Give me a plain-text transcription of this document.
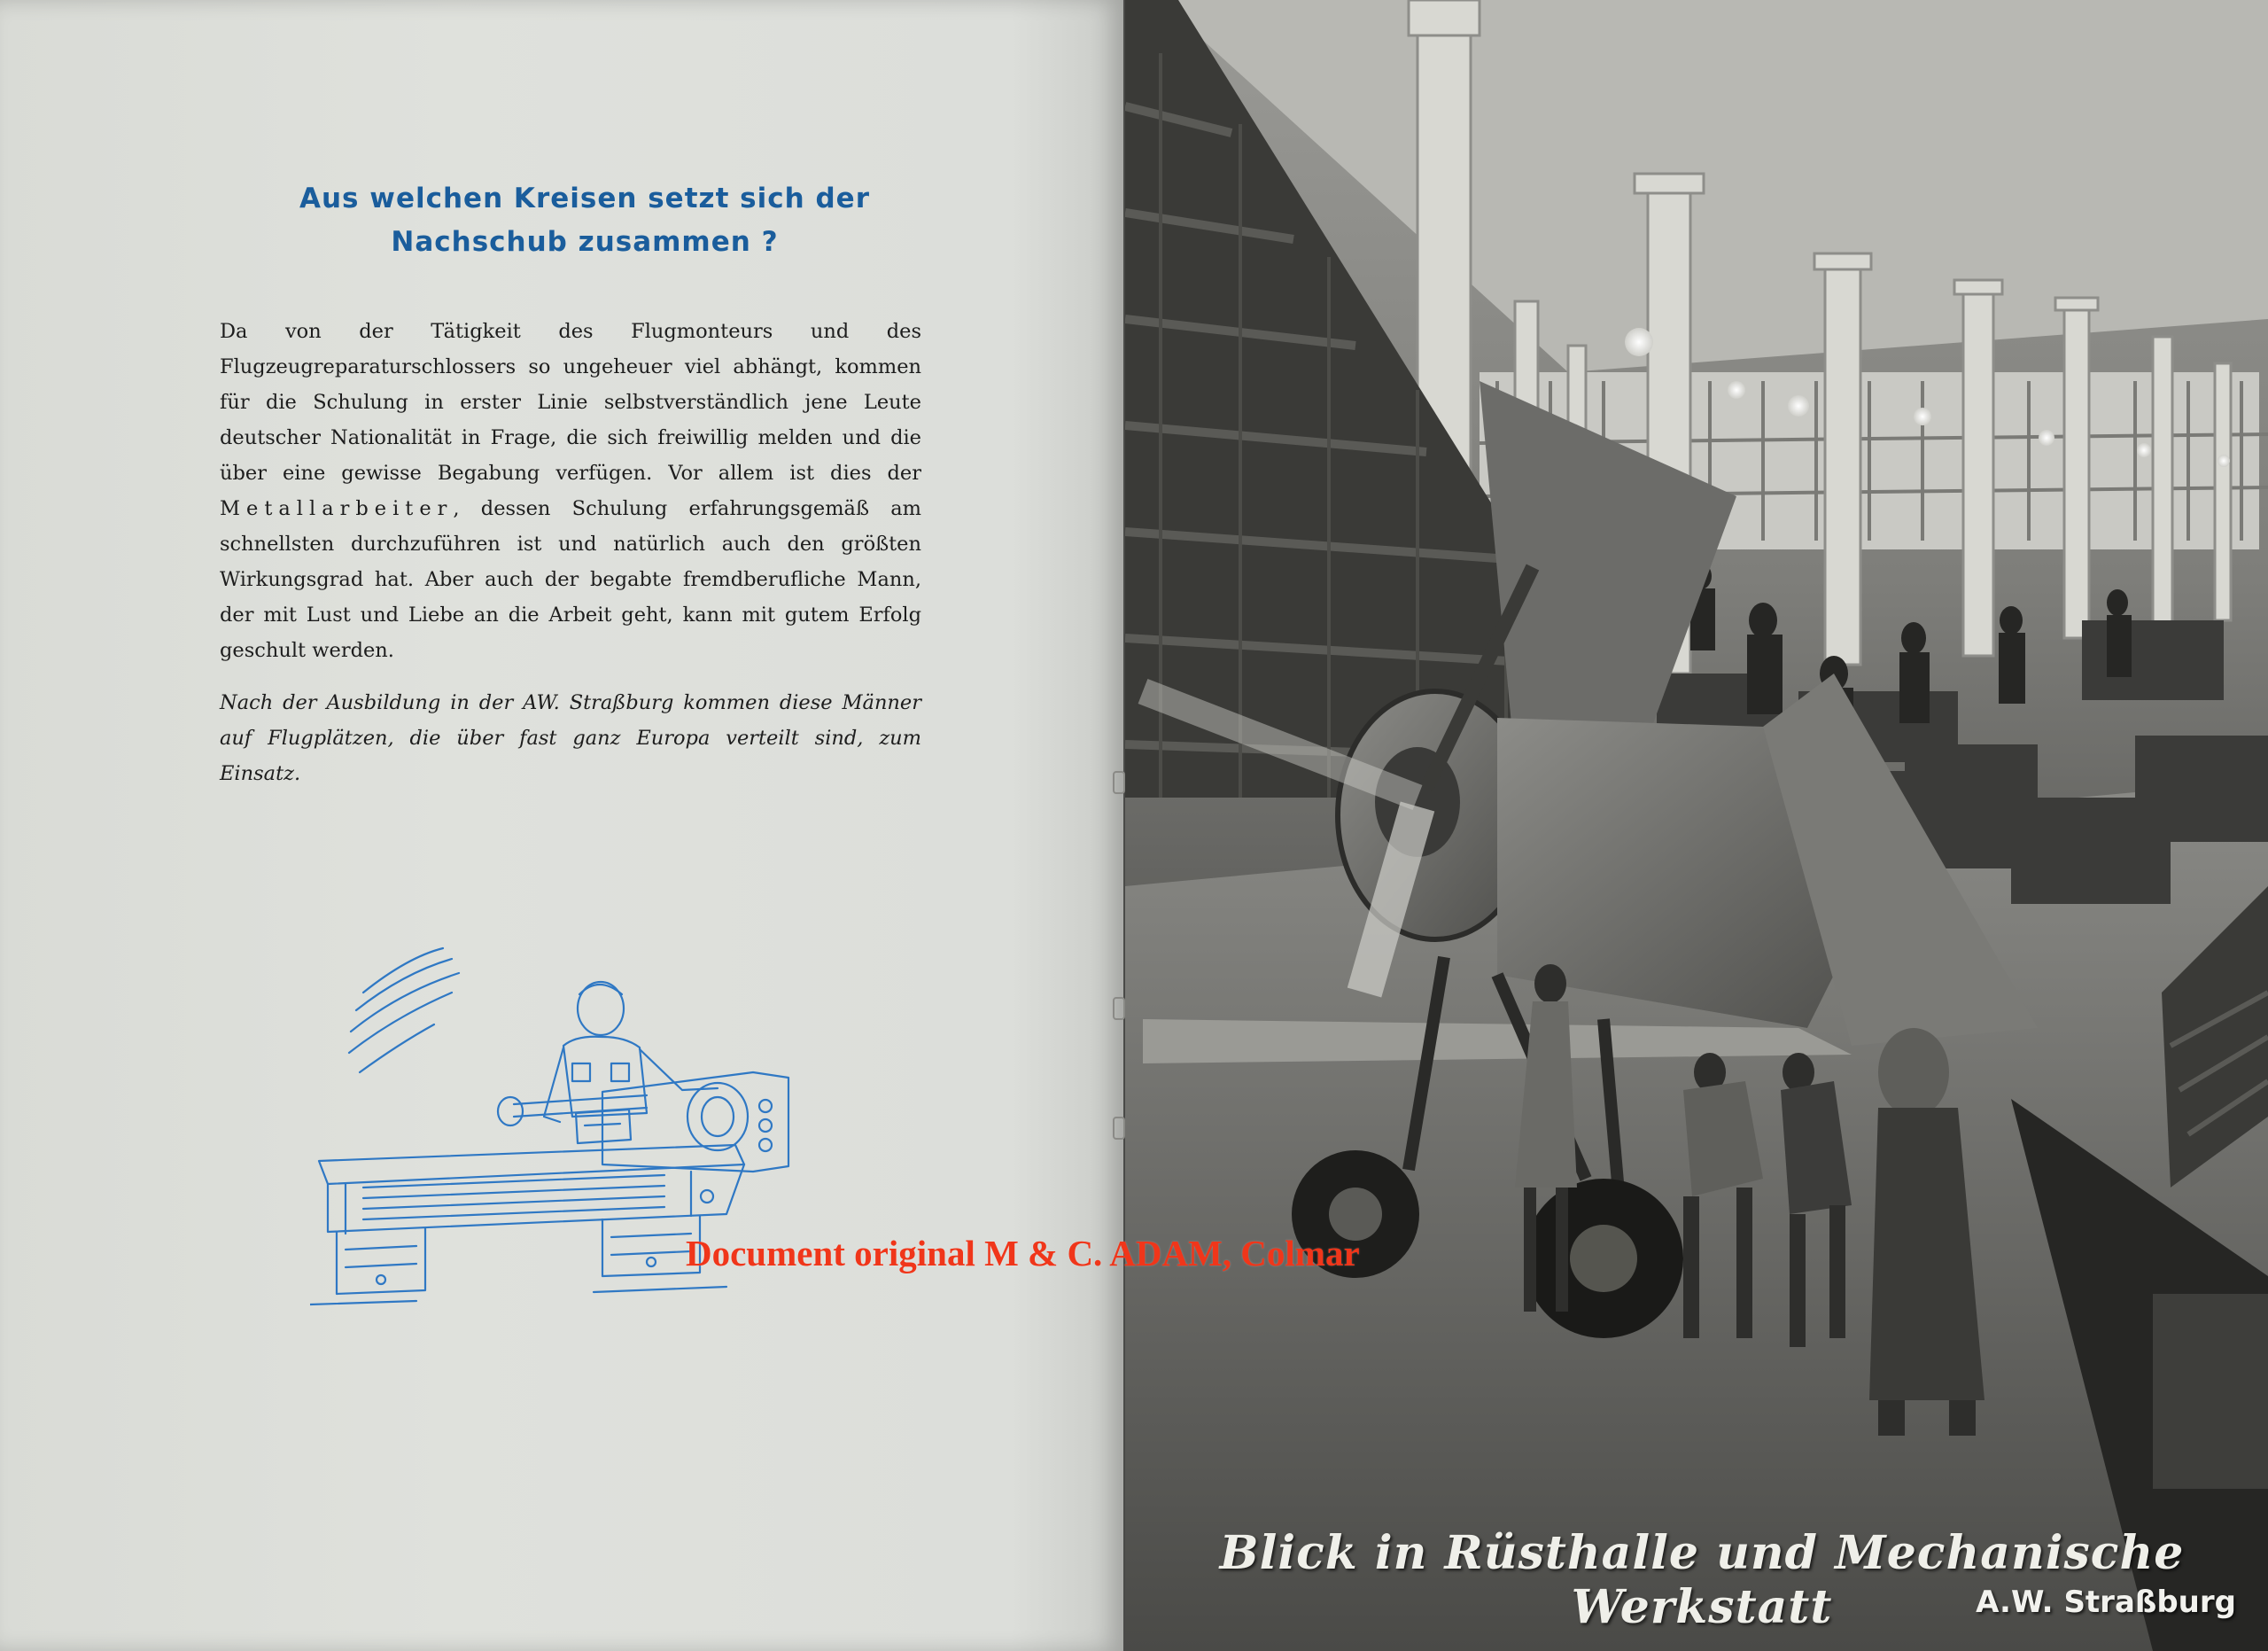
Aus welchen Kreisen setzt sich der
Nachschub zusammen ?

Da von der Tätigkeit des Flugmonteurs und des Flugzeugreparaturschlossers so ungeheuer viel abhängt, kommen für die Schulung in erster Linie selbstverständlich jene Leute deutscher Nationalität in Frage, die sich freiwillig melden und die über eine gewisse Begabung verfügen. Vor allem ist dies der Metallarbeiter, dessen Schulung erfahrungsgemäß am schnellsten durchzuführen ist und natürlich auch den größten Wirkungsgrad hat. Aber auch der begabte fremdberufliche Mann, der mit Lust und Liebe an die Arbeit geht, kann mit gutem Erfolg geschult werden.

Nach der Ausbildung in der AW. Straßburg kommen diese Männer auf Flugplätzen, die über fast ganz Europa verteilt sind, zum Einsatz.
Blick in Rüsthalle und Mechanische Werkstatt	A.W. Straßburg
Document original M & C. ADAM, Colmar
